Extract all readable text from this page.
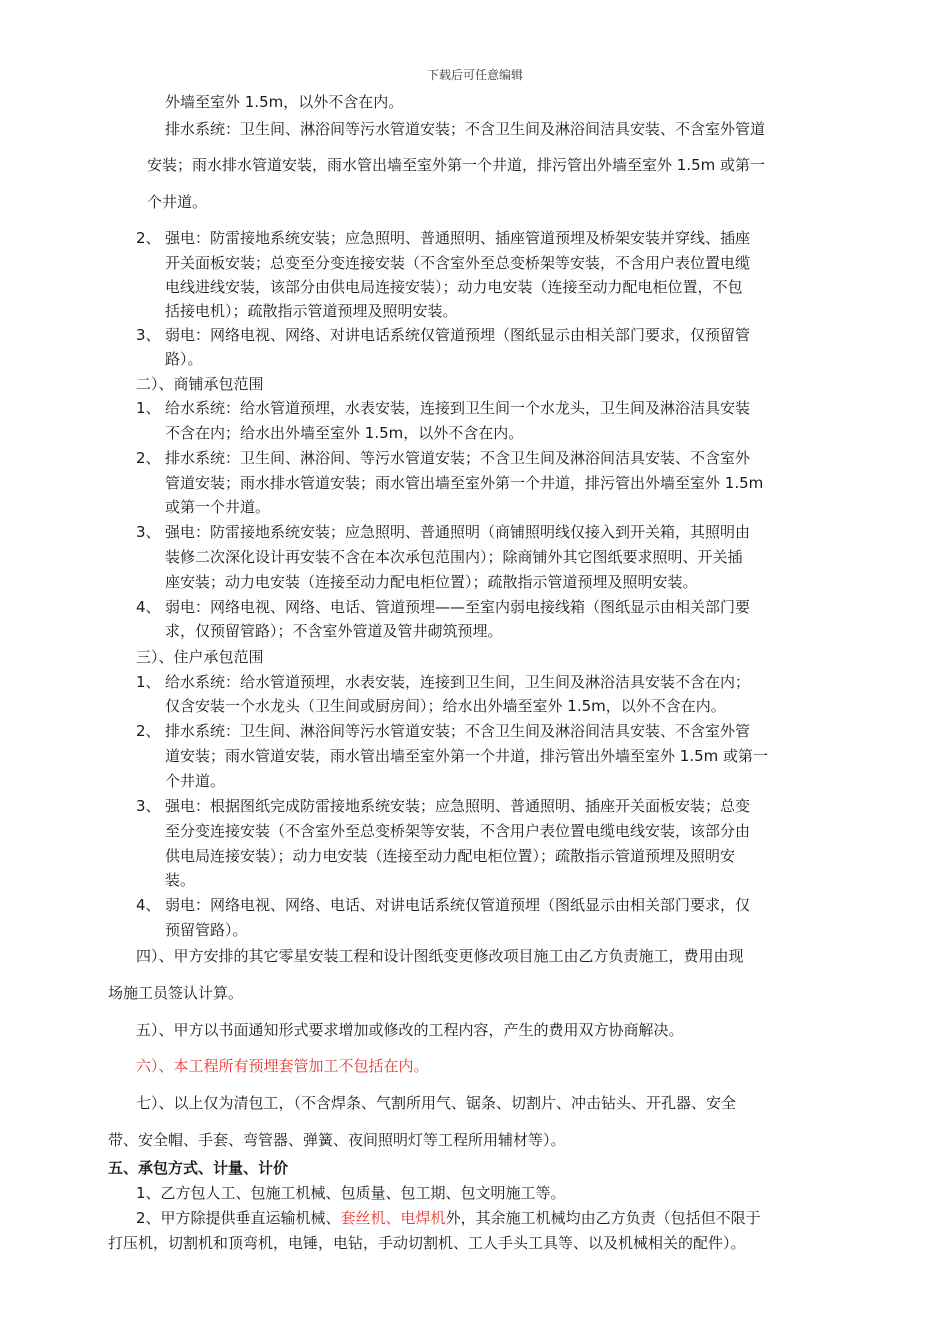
下载后可任意编辑
外墙至室外 1.5m，以外不含在内。
排水系统：卫生间、淋浴间等污水管道安装；不含卫生间及淋浴间洁具安装、不含室外管道
安装；雨水排水管道安装，雨水管出墙至室外第一个井道，排污管出外墙至室外 1.5m 或第一
个井道。
2、 强电：防雷接地系统安装；应急照明、普通照明、插座管道预埋及桥架安装并穿线、插座
开关面板安装；总变至分变连接安装（不含室外至总变桥架等安装，不含用户表位置电缆
电线进线安装，该部分由供电局连接安装）；动力电安装（连接至动力配电柜位置，不包
括接电机）；疏散指示管道预埋及照明安装。
3、 弱电：网络电视、网络、对讲电话系统仅管道预埋（图纸显示由相关部门要求，仅预留管
路）。
二）、商铺承包范围
1、 给水系统：给水管道预埋，水表安装，连接到卫生间一个水龙头，卫生间及淋浴洁具安装
不含在内；给水出外墙至室外 1.5m，以外不含在内。
2、 排水系统：卫生间、淋浴间、等污水管道安装；不含卫生间及淋浴间洁具安装、不含室外
管道安装；雨水排水管道安装；雨水管出墙至室外第一个井道，排污管出外墙至室外 1.5m
或第一个井道。
3、 强电：防雷接地系统安装；应急照明、普通照明（商铺照明线仅接入到开关箱，其照明由
装修二次深化设计再安装不含在本次承包范围内）；除商铺外其它图纸要求照明、开关插
座安装；动力电安装（连接至动力配电柜位置）；疏散指示管道预埋及照明安装。
4、 弱电：网络电视、网络、电话、管道预埋——至室内弱电接线箱（图纸显示由相关部门要
求，仅预留管路）；不含室外管道及管井砌筑预埋。
三）、住户承包范围
1、 给水系统：给水管道预埋，水表安装，连接到卫生间，卫生间及淋浴洁具安装不含在内；
仅含安装一个水龙头（卫生间或厨房间）；给水出外墙至室外 1.5m，以外不含在内。
2、 排水系统：卫生间、淋浴间等污水管道安装；不含卫生间及淋浴间洁具安装、不含室外管
道安装；雨水管道安装，雨水管出墙至室外第一个井道，排污管出外墙至室外 1.5m 或第一
个井道。
3、 强电：根据图纸完成防雷接地系统安装；应急照明、普通照明、插座开关面板安装；总变
至分变连接安装（不含室外至总变桥架等安装，不含用户表位置电缆电线安装，该部分由
供电局连接安装）；动力电安装（连接至动力配电柜位置）；疏散指示管道预埋及照明安
装。
4、 弱电：网络电视、网络、电话、对讲电话系统仅管道预埋（图纸显示由相关部门要求，仅
预留管路）。
四）、甲方安排的其它零星安装工程和设计图纸变更修改项目施工由乙方负责施工，费用由现
场施工员签认计算。
五）、甲方以书面通知形式要求增加或修改的工程内容，产生的费用双方协商解决。
六）、本工程所有预埋套管加工不包括在内。
七）、以上仅为清包工，（不含焊条、气割所用气、锯条、切割片、冲击钻头、开孔器、安全
带、安全帽、手套、弯管器、弹簧、夜间照明灯等工程所用辅材等）。
五、承包方式、计量、计价
1、乙方包人工、包施工机械、包质量、包工期、包文明施工等。
2、甲方除提供垂直运输机械、套丝机、电焊机外，其余施工机械均由乙方负责（包括但不限于
打压机，切割机和顶弯机，电锤，电钻，手动切割机、工人手头工具等、以及机械相关的配件）。
